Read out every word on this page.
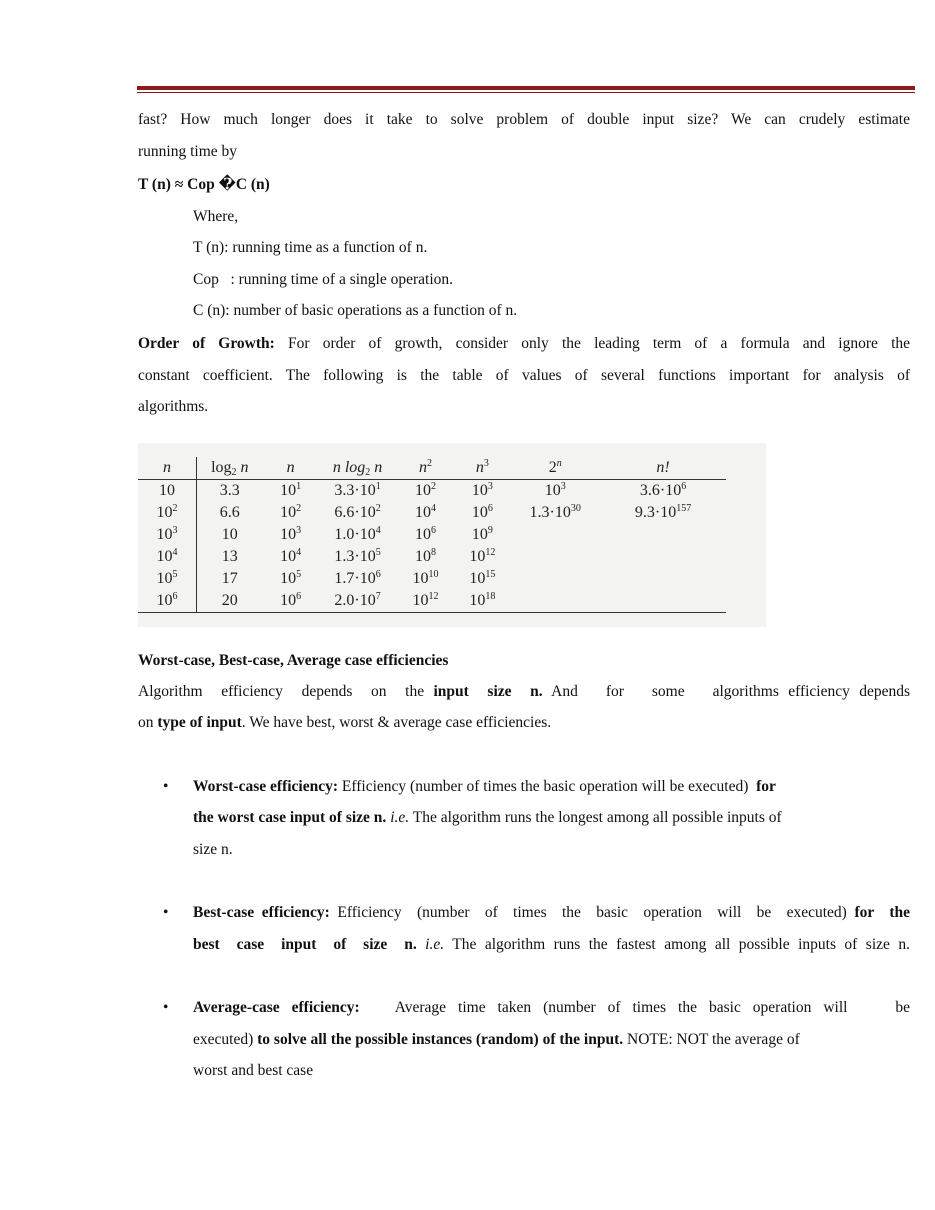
fast? How much longer does it take to solve problem of double input size? We can crudely estimate
running time by
T (n) ≈ Cop �C (n)
Where,
T (n): running time as a function of n.
Cop   : running time of a single operation.
C (n): number of basic operations as a function of n.
Order of Growth: For order of growth, consider only the leading term of a formula and ignore the
constant coefficient. The following is the table of values of several functions important for analysis of
algorithms.
n	$\log_2 n$	n	n $\log_2 n$	$n^2$	$n^3$	2$^n$	n!
10	3.3	$10^1$	$3.3\cdot 10^1$	$10^2$	$10^3$	$10^3$	$3.6\cdot 10^6$
$10^2$	6.6	$10^2$	$6.6\cdot 10^2$	$10^4$	$10^6$	$1.3\cdot 10^{30}$	$9.3\cdot 10^{157}$
$10^3$	10	$10^3$	$1.0\cdot 10^4$	$10^6$	$10^9$		
$10^4$	13	$10^4$	$1.3\cdot 10^5$	$10^8$	$10^{12}$		
$10^5$	17	$10^5$	$1.7\cdot 10^6$	$10^{10}$	$10^{15}$		
$10^6$	20	$10^6$	$2.0\cdot 10^7$	$10^{12}$	$10^{18}$		
Worst-case, Best-case, Average case efficiencies
Algorithm  efficiency  depends  on  the input  size  n. And   for   some   algorithms efficiency depends
on type of input. We have best, worst & average case efficiencies.
• Worst-case efficiency: Efficiency (number of times the basic operation will be executed)  for
the worst case input of size n. i.e. The algorithm runs the longest among all possible inputs of
size n.
• Best-case efficiency: Efficiency  (number  of  times  the  basic  operation  will  be  executed) for  the
best  case  input  of  size  n. i.e. The algorithm runs the fastest among all possible inputs of size n.
• Average-case efficiency:   Average time taken (number of times the basic operation will    be
executed) to solve all the possible instances (random) of the input. NOTE: NOT the average of
worst and best case
